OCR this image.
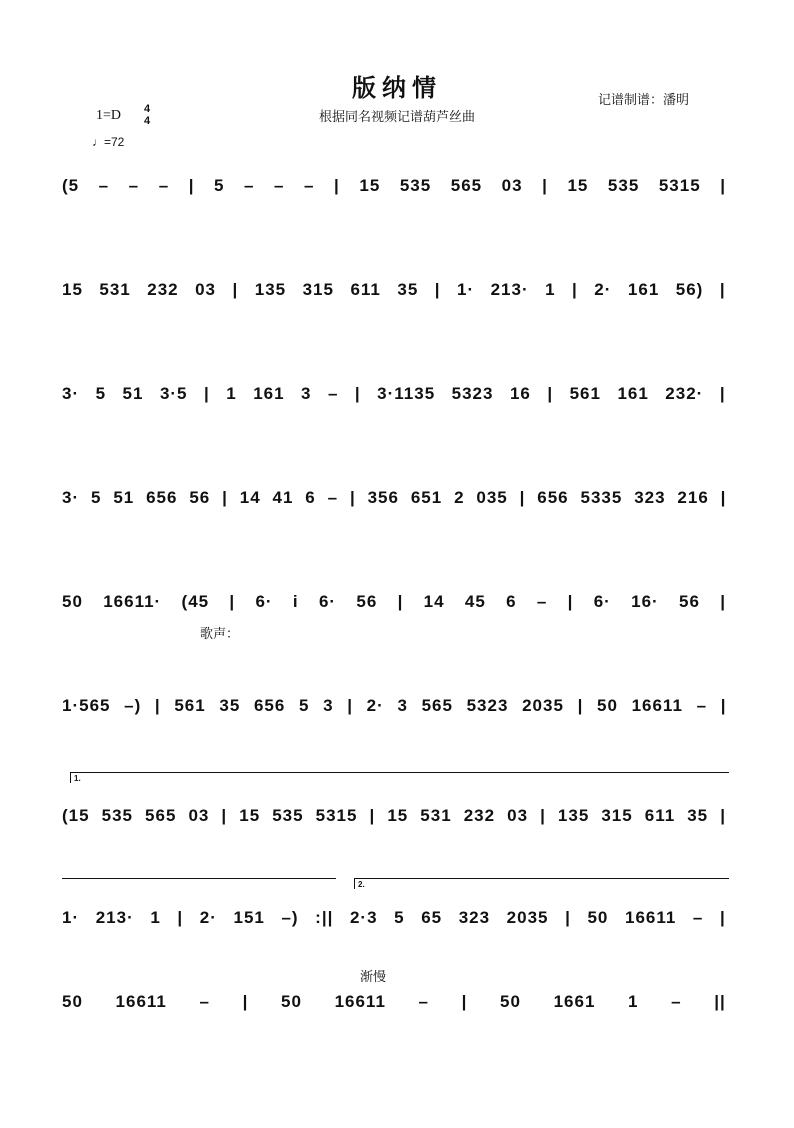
版纳情
根据同名视频记谱葫芦丝曲
记谱制谱：潘明
1=D 4
4
♩=72
(5 – – – | 5 – – – | 15 535 565 03 | 15 535 5315 |
15 531 232 03 | 135 315 611 35 | 1· 213· 1 | 2· 161 56) |
3· 5 51 3·5 | 1 161 3 – | 3·1135 5323 16 | 561 161 232· |
3· 5 51 656 56 | 14 41 6 – | 356 651 2 035 | 656 5335 323 216 |
50 16611· (45 | 6· i 6· 56 | 14 45 6 – | 6· 16· 56 |
歌声：
1·565 –) | 561 35 656 5 3 | 2· 3 565 5323 2035 | 50 16611 – |
1.
(15 535 565 03 | 15 535 5315 | 15 531 232 03 | 135 315 611 35 |
2.
1· 213· 1 | 2· 151 –) :|| 2·3 5 65 323 2035 | 50 16611 – |
渐慢
50 16611 – | 50 16611 – | 50 1661 1 – ||
